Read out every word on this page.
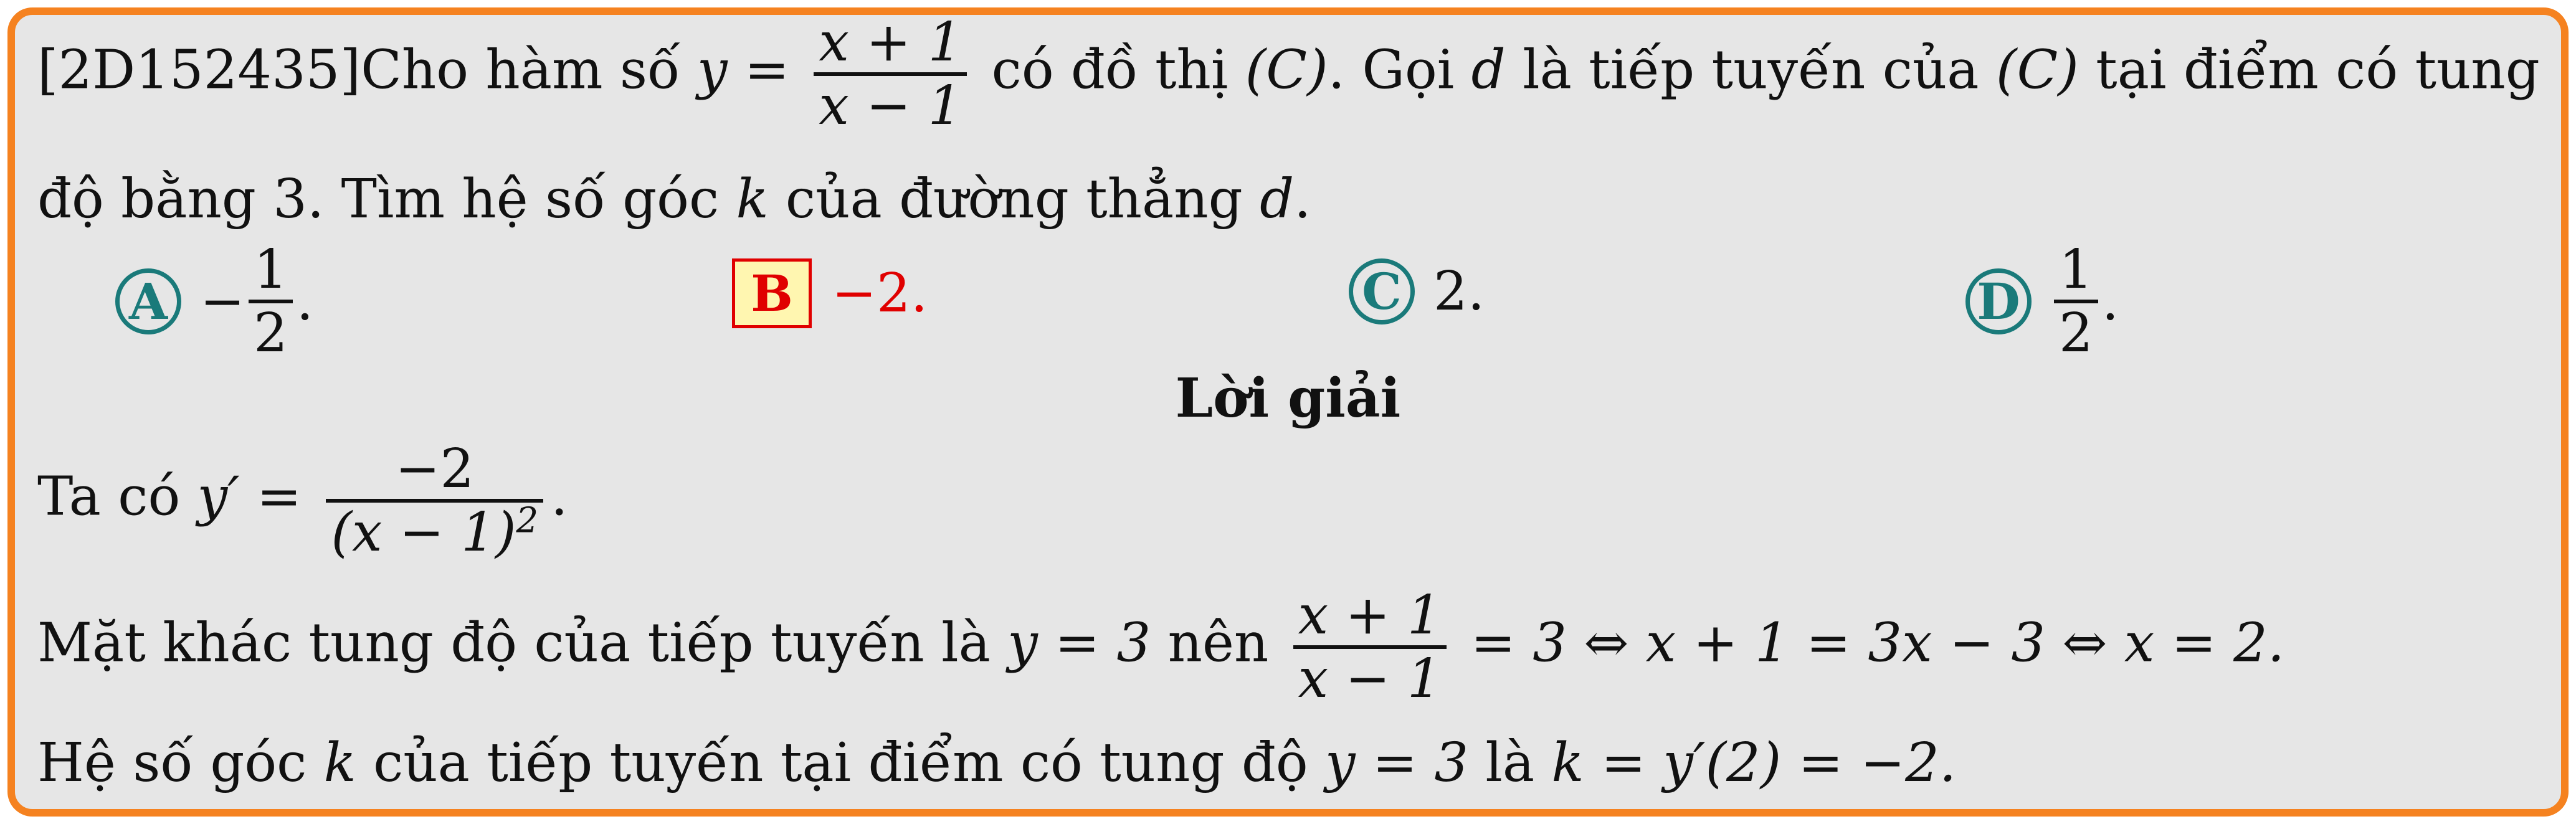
[2D152435]Cho hàm số y = x + 1
x − 1
có đồ thị (C). Gọi d là tiếp tuyến của (C) tại điểm có tung
độ bằng 3. Tìm hệ số góc k của đường thẳng d.
A −
1
2
.	B −2.	C 2.	D
1
2
.
Lời giải
Ta có y′ = −2
$(x - 1)^2$ .
Mặt khác tung độ của tiếp tuyến là y = 3 nên x + 1
x − 1
= 3 ⇔ x + 1 = 3x − 3 ⇔ x = 2.
Hệ số góc k của tiếp tuyến tại điểm có tung độ y = 3 là k = y′(2) = −2.
